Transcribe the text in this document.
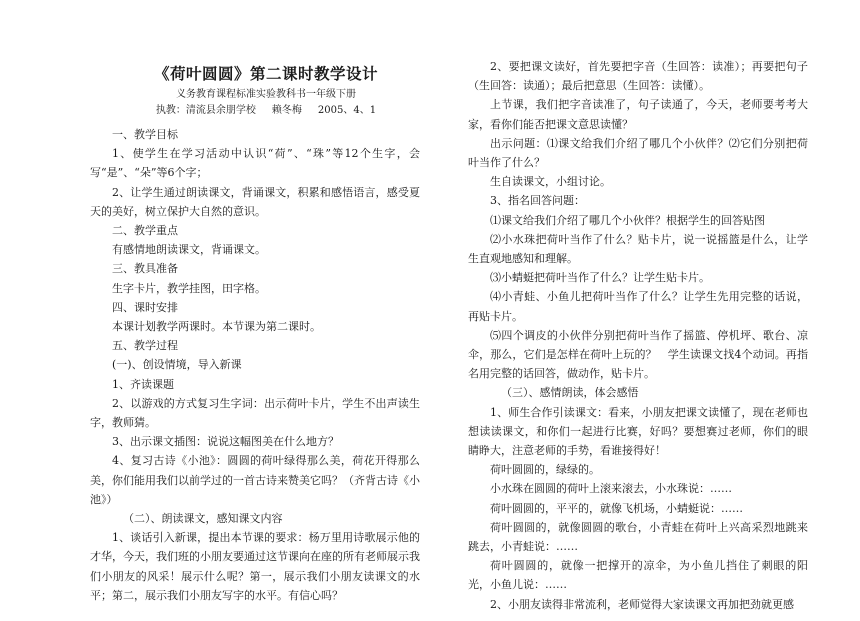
《荷叶圆圆》第二课时教学设计
义务教育课程标准实验教科书一年级下册
执教：清流县余朋学校 赖冬梅 2005、4、1

一、教学目标

1、使学生在学习活动中认识“荷”、“珠”等12个生字，会写“是”、“朵”等6个字；

2、让学生通过朗读课文，背诵课文，积累和感悟语言，感受夏天的美好，树立保护大自然的意识。

二、教学重点

有感情地朗读课文，背诵课文。

三、教具准备

生字卡片，教学挂图，田字格。

四、课时安排

本课计划教学两课时。本节课为第二课时。

五、教学过程

(一)、创设情境，导入新课

1、齐读课题

2、以游戏的方式复习生字词：出示荷叶卡片，学生不出声读生字，教师猜。

3、出示课文插图：说说这幅图美在什么地方？

4、复习古诗《小池》：圆圆的荷叶绿得那么美，荷花开得那么美，你们能用我们以前学过的一首古诗来赞美它吗？（齐背古诗《小池》）

（二）、朗读课文，感知课文内容

1、谈话引入新课，提出本节课的要求：杨万里用诗歌展示他的才华，今天，我们班的小朋友要通过这节课向在座的所有老师展示我们小朋友的风采！展示什么呢？第一，展示我们小朋友读课文的水平；第二，展示我们小朋友写字的水平。有信心吗？

2、要把课文读好，首先要把字音（生回答：读准）；再要把句子（生回答：读通）；最后把意思（生回答：读懂）。

上节课，我们把字音读准了，句子读通了，今天，老师要考考大家，看你们能否把课文意思读懂？

出示问题：⑴课文给我们介绍了哪几个小伙伴？⑵它们分别把荷叶当作了什么？

生自读课文，小组讨论。

3、指名回答问题：

⑴课文给我们介绍了哪几个小伙伴？根据学生的回答贴图

⑵小水珠把荷叶当作了什么？贴卡片，说一说摇篮是什么，让学生直观地感知和理解。

⑶小蜻蜓把荷叶当作了什么？让学生贴卡片。

⑷小青蛙、小鱼儿把荷叶当作了什么？让学生先用完整的话说，再贴卡片。

⑸四个调皮的小伙伴分别把荷叶当作了摇篮、停机坪、歌台、凉伞，那么，它们是怎样在荷叶上玩的？　学生读课文找4个动词。再指名用完整的话回答，做动作，贴卡片。

（三）、感情朗读，体会感悟

1、师生合作引读课文：看来，小朋友把课文读懂了，现在老师也想读读课文，和你们一起进行比赛，好吗？要想赛过老师，你们的眼睛睁大，注意老师的手势，看谁接得好！

荷叶圆圆的，绿绿的。

小水珠在圆圆的荷叶上滚来滚去，小水珠说：……

荷叶圆圆的，平平的，就像飞机场，小蜻蜓说：……

荷叶圆圆的，就像圆圆的歌台，小青蛙在荷叶上兴高采烈地跳来跳去，小青蛙说：……

荷叶圆圆的，就像一把撑开的凉伞，为小鱼儿挡住了刺眼的阳光，小鱼儿说：……

2、小朋友读得非常流利，老师觉得大家读课文再加把劲就更感
